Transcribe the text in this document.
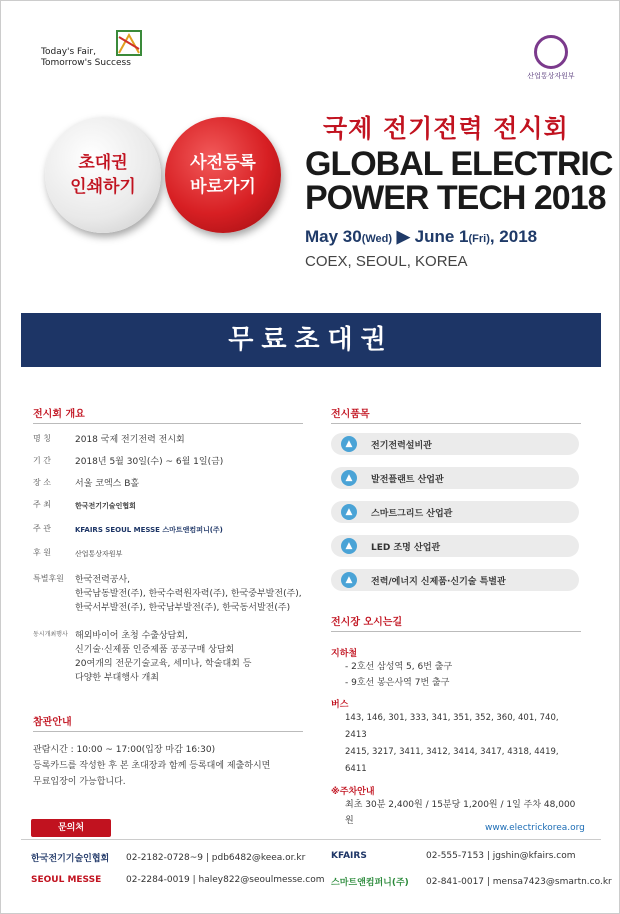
Today's Fair,
Tomorrow's Success
산업통상자원부
초대권
인쇄하기
사전등록
바로가기
국제 전기전력 전시회
GLOBAL ELECTRIC
POWER TECH 2018
May 30(Wed) ▶ June 1(Fri), 2018
COEX, SEOUL, KOREA
무료초대권
전시회 개요
명 칭	2018 국제 전기전력 전시회
기 간	2018년 5월 30일(수) ~ 6월 1일(금)
장 소	서울 코엑스 B홀
주 최	한국전기기술인협회
주 관	KFAIRS SEOUL MESSE 스마트앤컴퍼니(주)
후 원	산업통상자원부
특별후원	한국전력공사,
한국남동발전(주), 한국수력원자력(주), 한국중부발전(주),
한국서부발전(주), 한국남부발전(주), 한국동서발전(주)
동시개최행사 해외바이어 초청 수출상담회,
신기술·신제품 인증제품 공공구매 상담회
20여개의 전문기술교육, 세미나, 학술대회 등
다양한 부대행사 개최
참관안내
관람시간 : 10:00 ~ 17:00(입장 마감 16:30)
등록카드를 작성한 후 본 초대장과 함께 등록대에 제출하시면
무료입장이 가능합니다.
전시품목
▲	전기전력설비관
▲	발전플랜트 산업관
▲	스마트그리드 산업관
▲	LED 조명 산업관
▲	전력/에너지 신제품·신기술 특별관
전시장 오시는길
지하철
- 2호선 삼성역 5, 6번 출구
- 9호선 봉은사역 7번 출구
버스
143, 146, 301, 333, 341, 351, 352, 360, 401, 740, 2413
2415, 3217, 3411, 3412, 3414, 3417, 4318, 4419, 6411
※주차안내
최초 30분 2,400원 / 15분당 1,200원 / 1일 주차 48,000원
문의처	www.electrickorea.org
한국전기기술인협회	02-2182-0728~9 | pdb6482@keea.or.kr	KFAIRS	02-555-7153 | jgshin@kfairs.com
SEOUL MESSE	02-2284-0019 | haley822@seoulmesse.com 스마트앤컴퍼니(주)	02-841-0017 | mensa7423@smartn.co.kr
